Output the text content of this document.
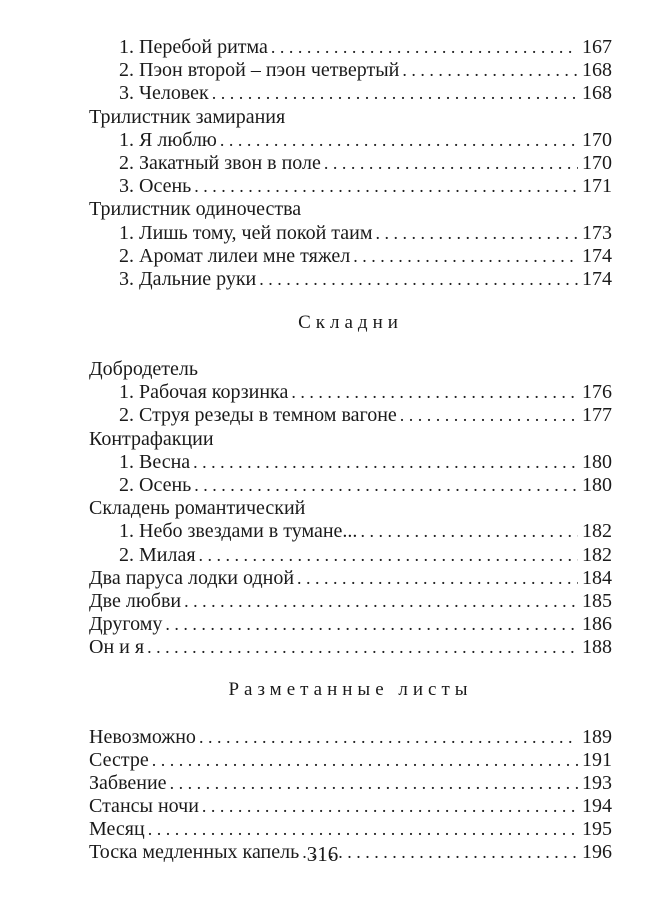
1. Перебой ритма . . .	167
2. Пэон второй – пэон четвертый . . .	168
3. Человек . . .	168
Трилистник замирания
1. Я люблю . . .	170
2. Закатный звон в поле . . .	170
3. Осень . . .	171
Трилистник одиночества
1. Лишь тому, чей покой таим . . .	173
2. Аромат лилеи мне тяжел . . .	174
3. Дальние руки . . .	174
Складни
Добродетель
1. Рабочая корзинка . . .	176
2. Струя резеды в темном вагоне . . .	177
Контрафакции
1. Весна . . .	180
2. Осень . . .	180
Складень романтический
1. Небо звездами в тумане... . . .	182
2. Милая . . .	182
Два паруса лодки одной . . .	184
Две любви . . .	185
Другому . . .	186
Он и я . . .	188
Разметанные листы
Невозможно . . .	189
Сестре . . .	191
Забвение . . .	193
Стансы ночи . . .	194
Месяц . . .	195
Тоска медленных капель . . .	196
316
